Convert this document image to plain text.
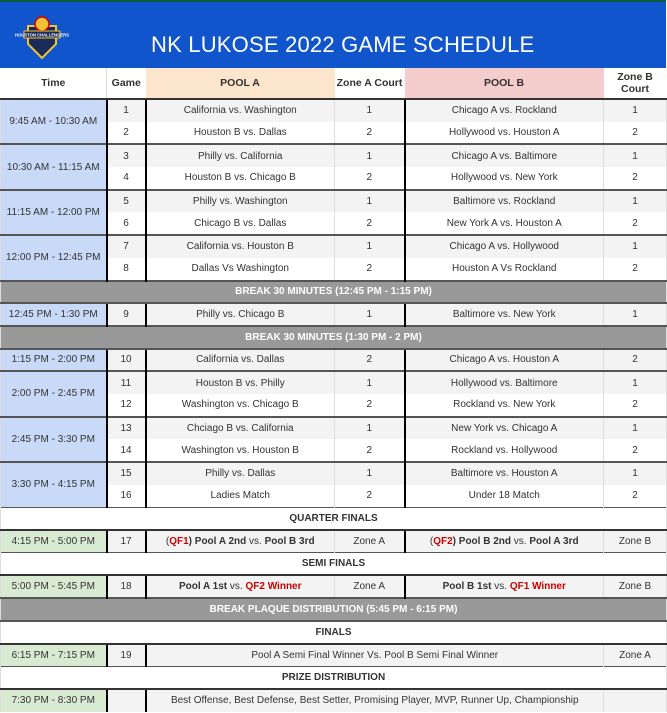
HOUSTON CHALLENGERS	NK LUKOSE 2022 GAME SCHEDULE
Time	Game	POOL A	Zone A Court	POOL B	Zone B Court
9:45 AM - 10:30 AM	1	California vs. Washington	1	Chicago A vs. Rockland	1
	2	Houston B vs. Dallas	2	Hollywood vs. Houston A	2
10:30 AM - 11:15 AM	3	Philly vs. California	1	Chicago A vs. Baltimore	1
	4	Houston B vs. Chicago B	2	Hollywood vs. New York	2
11:15 AM - 12:00 PM	5	Philly vs. Washington	1	Baltimore vs. Rockland	1
	6	Chicago B vs. Dallas	2	New York A vs. Houston A	2
12:00 PM - 12:45 PM	7	California vs. Houston B	1	Chicago A vs. Hollywood	1
	8	Dallas Vs Washington	2	Houston A Vs Rockland	2
BREAK 30 MINUTES (12:45 PM - 1:15 PM)					
12:45 PM - 1:30 PM	9	Philly vs. Chicago B	1	Baltimore vs. New York	1
BREAK 30 MINUTES (1:30 PM - 2 PM)					
1:15 PM - 2:00 PM	10	California vs. Dallas	2	Chicago A vs. Houston A	2
2:00 PM - 2:45 PM	11	Houston B vs. Philly	1	Hollywood vs. Baltimore	1
	12	Washington vs. Chicago B	2	Rockland vs. New York	2
2:45 PM - 3:30 PM	13	Chciago B vs. California	1	New York vs. Chicago A	1
	14	Washington vs. Houston B	2	Rockland vs. Hollywood	2
3:30 PM - 4:15 PM	15	Philly vs. Dallas	1	Baltimore vs. Houston A	1
	16	Ladies Match	2	Under 18 Match	2
QUARTER FINALS					
4:15 PM - 5:00 PM	17	(QF1) Pool A 2nd vs. Pool B 3rd	Zone A	(QF2) Pool B 2nd vs. Pool A 3rd	Zone B
SEMI FINALS					
5:00 PM - 5:45 PM	18	Pool A 1st vs. QF2 Winner	Zone A	Pool B 1st vs. QF1 Winner	Zone B
BREAK PLAQUE DISTRIBUTION (5:45 PM - 6:15 PM)					
FINALS					
6:15 PM - 7:15 PM	19	Pool A Semi Final Winner Vs. Pool B Semi Final Winner			Zone A
PRIZE DISTRIBUTION					
7:30 PM - 8:30 PM		Best Offense, Best Defense, Best Setter, Promising Player, MVP, Runner Up, Championship			
